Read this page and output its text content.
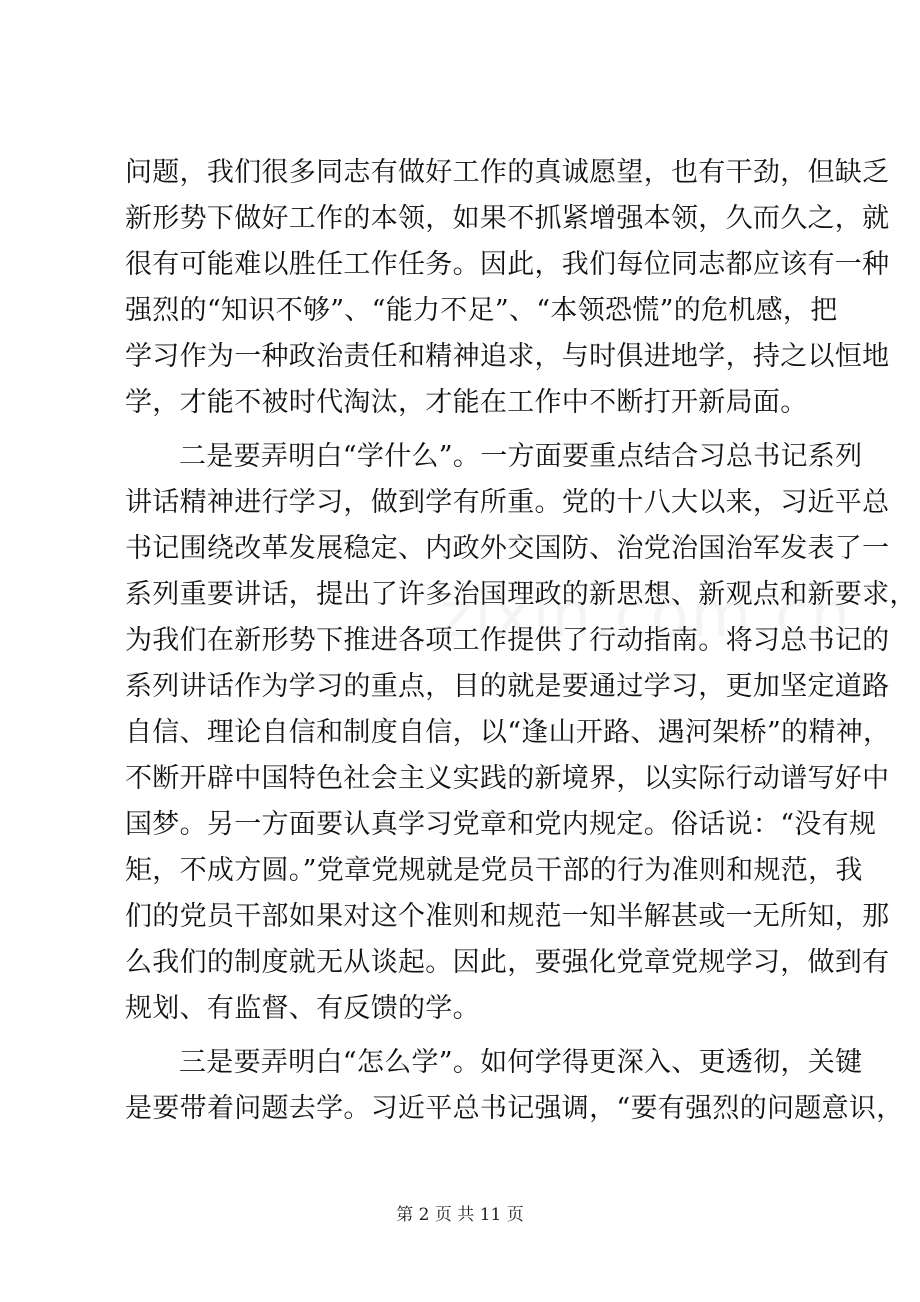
问题，我们很多同志有做好工作的真诚愿望，也有干劲，但缺乏
新形势下做好工作的本领，如果不抓紧增强本领，久而久之，就
很有可能难以胜任工作任务。因此，我们每位同志都应该有一种
强烈的“知识不够”、“能力不足”、“本领恐慌”的危机感，把
学习作为一种政治责任和精神追求，与时俱进地学，持之以恒地
学，才能不被时代淘汰，才能在工作中不断打开新局面。
二是要弄明白“学什么”。一方面要重点结合习总书记系列
讲话精神进行学习，做到学有所重。党的十八大以来，习近平总
书记围绕改革发展稳定、内政外交国防、治党治国治军发表了一
系列重要讲话，提出了许多治国理政的新思想、新观点和新要求，
为我们在新形势下推进各项工作提供了行动指南。将习总书记的
系列讲话作为学习的重点，目的就是要通过学习，更加坚定道路
自信、理论自信和制度自信，以“逢山开路、遇河架桥”的精神，
不断开辟中国特色社会主义实践的新境界，以实际行动谱写好中
国梦。另一方面要认真学习党章和党内规定。俗话说：“没有规
矩，不成方圆。”党章党规就是党员干部的行为准则和规范，我
们的党员干部如果对这个准则和规范一知半解甚或一无所知，那
么我们的制度就无从谈起。因此，要强化党章党规学习，做到有
规划、有监督、有反馈的学。
三是要弄明白“怎么学”。如何学得更深入、更透彻，关键
是要带着问题去学。习近平总书记强调，“要有强烈的问题意识，
第 2 页 共 11 页
